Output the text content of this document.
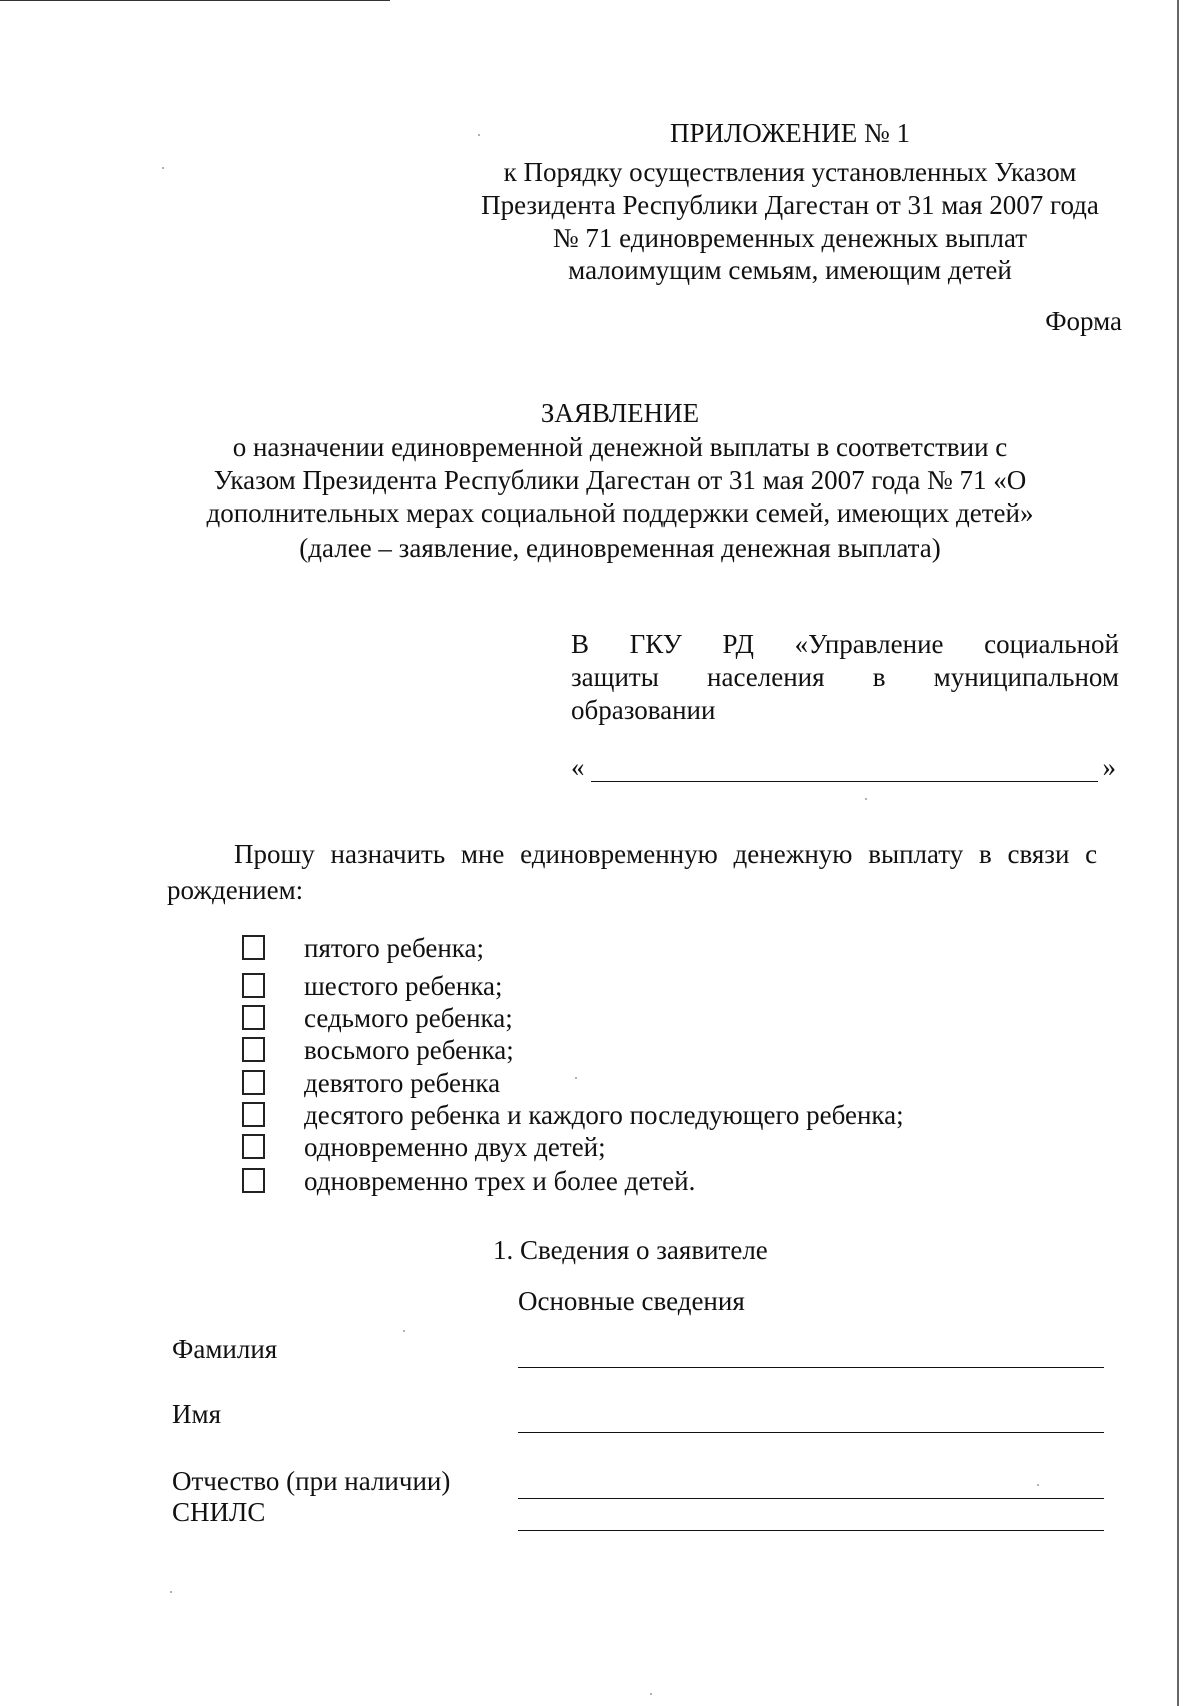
ПРИЛОЖЕНИЕ № 1
к Порядку осуществления установленных Указом
Президента Республики Дагестан от 31 мая 2007 года
№ 71 единовременных денежных выплат
малоимущим семьям, имеющим детей
Форма
ЗАЯВЛЕНИЕ
о назначении единовременной денежной выплаты в соответствии с
Указом Президента Республики Дагестан от 31 мая 2007 года № 71 «О
дополнительных мерах социальной поддержки семей, имеющих детей»
(далее – заявление, единовременная денежная выплата)
В ГКУ РД «Управление социальной
защиты населения в муниципальном
образовании
«	»
Прошу назначить мне единовременную денежную выплату в связи с
рождением:
пятого ребенка;
шестого ребенка;
седьмого ребенка;
восьмого ребенка;
девятого ребенка
десятого ребенка и каждого последующего ребенка;
одновременно двух детей;
одновременно трех и более детей.
1. Сведения о заявителе
Основные сведения
Фамилия
Имя
Отчество (при наличии)
СНИЛС
